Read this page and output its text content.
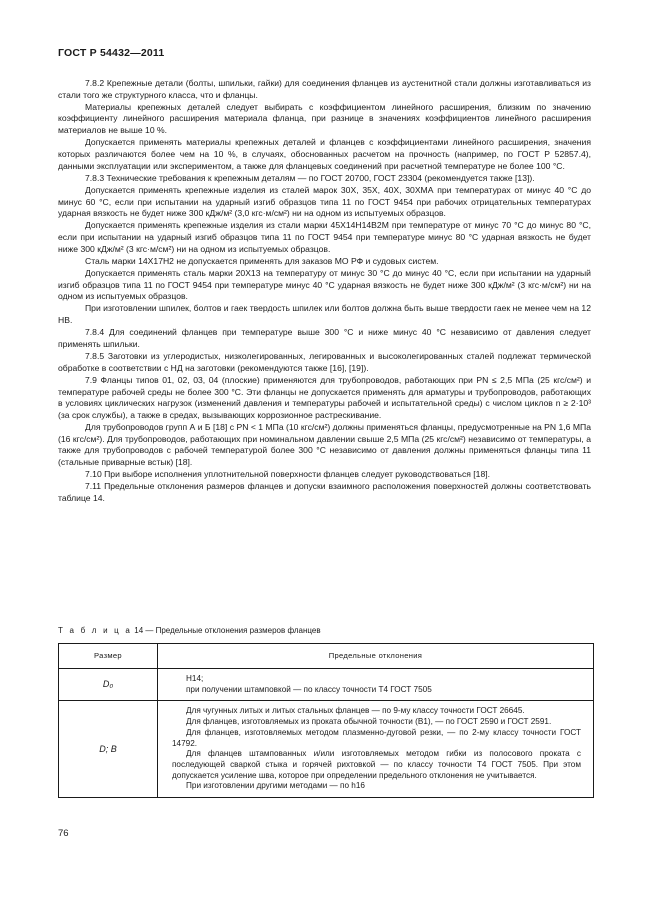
ГОСТ Р 54432—2011

7.8.2 Крепежные детали (болты, шпильки, гайки) для соединения фланцев из аустенитной стали должны изготавливаться из стали того же структурного класса, что и фланцы.

Материалы крепежных деталей следует выбирать с коэффициентом линейного расширения, близким по значению коэффициенту линейного расширения материала фланца, при разнице в значениях коэффициентов линейного расширения материалов не выше 10 %.

Допускается применять материалы крепежных деталей и фланцев с коэффициентами линейного расширения, значения которых различаются более чем на 10 %, в случаях, обоснованных расчетом на прочность (например, по ГОСТ Р 52857.4), данными эксплуатации или экспериментом, а также для фланцевых соединений при расчетной температуре не более 100 °С.

7.8.3 Технические требования к крепежным деталям — по ГОСТ 20700, ГОСТ 23304 (рекомендуется также [13]).

Допускается применять крепежные изделия из сталей марок 30Х, 35Х, 40Х, 30ХМА при температурах от минус 40 °С до минус 60 °С, если при испытании на ударный изгиб образцов типа 11 по ГОСТ 9454 при рабочих отрицательных температурах ударная вязкость не будет ниже 300 кДж/м² (3,0 кгс·м/см²) ни на одном из испытуемых образцов.

Допускается применять крепежные изделия из стали марки 45Х14Н14В2М при температуре от минус 70 °С до минус 80 °С, если при испытании на ударный изгиб образцов типа 11 по ГОСТ 9454 при температуре минус 80 °С ударная вязкость не будет ниже 300 кДж/м² (3 кгс·м/см²) ни на одном из испытуемых образцов.

Сталь марки 14Х17Н2 не допускается применять для заказов МО РФ и судовых систем.

Допускается применять сталь марки 20Х13 на температуру от минус 30 °С до минус 40 °С, если при испытании на ударный изгиб образцов типа 11 по ГОСТ 9454 при температуре минус 40 °С ударная вязкость не будет ниже 300 кДж/м² (3 кгс·м/см²) ни на одном из испытуемых образцов.

При изготовлении шпилек, болтов и гаек твердость шпилек или болтов должна быть выше твердости гаек не менее чем на 12 НВ.

7.8.4 Для соединений фланцев при температуре выше 300 °С и ниже минус 40 °С независимо от давления следует применять шпильки.

7.8.5 Заготовки из углеродистых, низколегированных, легированных и высоколегированных сталей подлежат термической обработке в соответствии с НД на заготовки (рекомендуются также [16], [19]).

7.9 Фланцы типов 01, 02, 03, 04 (плоские) применяются для трубопроводов, работающих при PN ≤ 2,5 МПа (25 кгс/см²) и температуре рабочей среды не более 300 °С. Эти фланцы не допускается применять для арматуры и трубопроводов, работающих в условиях циклических нагрузок (изменений давления и температуры рабочей и испытательной среды) с числом циклов n ≥ 2·10³ (за срок службы), а также в средах, вызывающих коррозионное растрескивание.

Для трубопроводов групп А и Б [18] с PN < 1 МПа (10 кгс/см²) должны применяться фланцы, предусмотренные на PN 1,6 МПа (16 кгс/см²). Для трубопроводов, работающих при номинальном давлении свыше 2,5 МПа (25 кгс/см²) независимо от температуры, а также для трубопроводов с рабочей температурой более 300 °С независимо от давления должны применяться фланцы типа 11 (стальные приварные встык) [18].

7.10 При выборе исполнения уплотнительной поверхности фланцев следует руководствоваться [18].

7.11 Предельные отклонения размеров фланцев и допуски взаимного расположения поверхностей должны соответствовать таблице 14.

Т а б л и ц а 14 — Предельные отклонения размеров фланцев
Размер	Предельные отклонения
D₀	H14;
при получении штамповкой — по классу точности Т4 ГОСТ 7505

D; B	Для чугунных литых и литых стальных фланцев — по 9-му классу точности ГОСТ 26645.
Для фланцев, изготовляемых из проката обычной точности (В1), — по ГОСТ 2590 и ГОСТ 2591.
Для фланцев, изготовляемых методом плазменно-дуговой резки, — по 2-му классу точности ГОСТ 14792.
Для фланцев штампованных и/или изготовляемых методом гибки из полосового проката с последующей сваркой стыка и горячей рихтовкой — по классу точности Т4 ГОСТ 7505. При этом допускается усиление шва, которое при определении предельного отклонения не учитывается.
При изготовлении другими методами — по h16
76
